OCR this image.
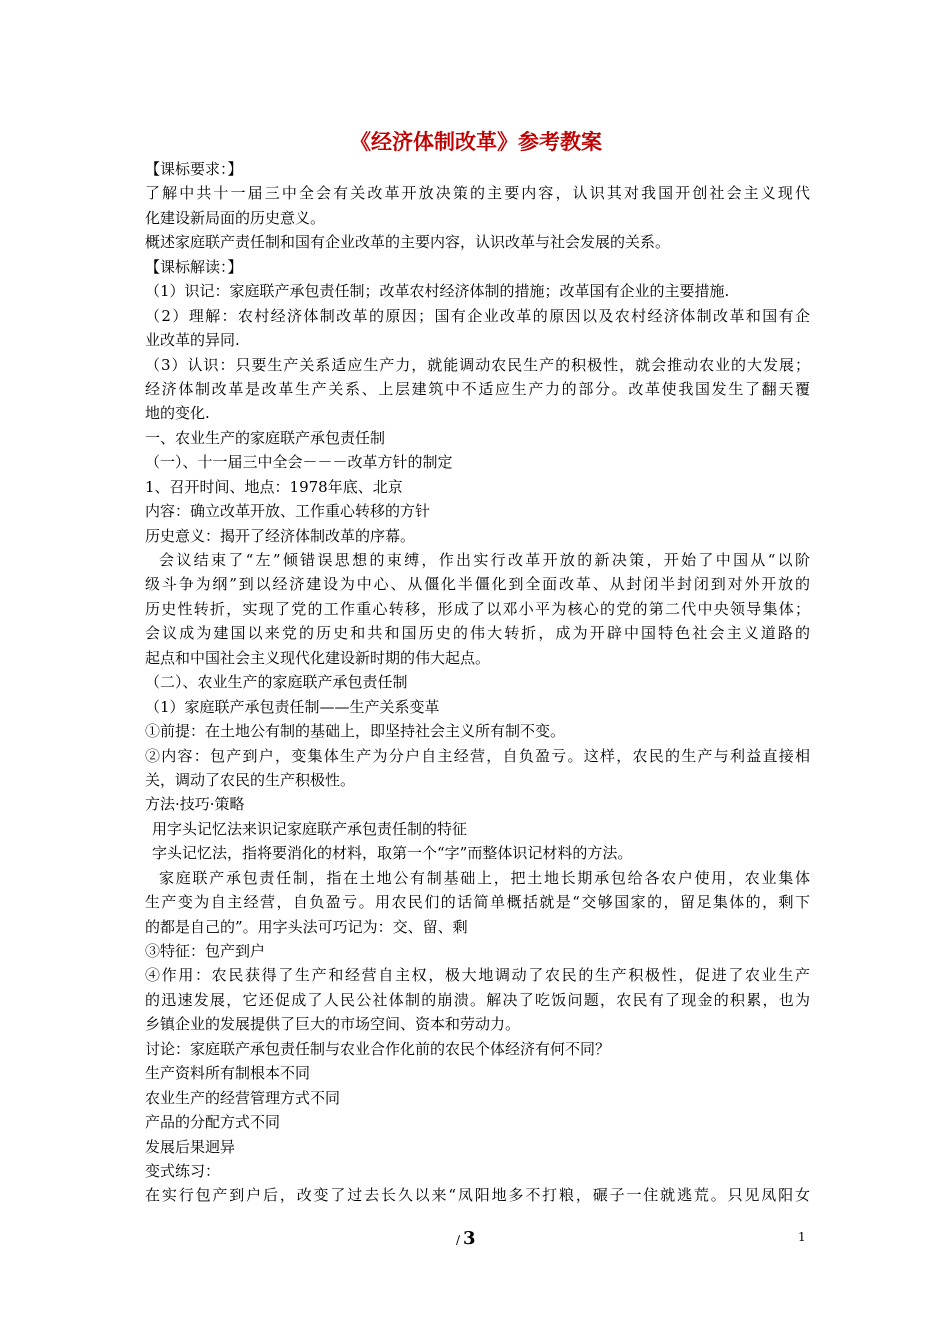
《经济体制改革》参考教案
【课标要求：】
了解中共十一届三中全会有关改革开放决策的主要内容，认识其对我国开创社会主义现代
化建设新局面的历史意义。
概述家庭联产责任制和国有企业改革的主要内容，认识改革与社会发展的关系。
【课标解读：】
（1）识记：家庭联产承包责任制；改革农村经济体制的措施；改革国有企业的主要措施.
（2）理解：农村经济体制改革的原因；国有企业改革的原因以及农村经济体制改革和国有企
业改革的异同.
（3）认识：只要生产关系适应生产力，就能调动农民生产的积极性，就会推动农业的大发展；
经济体制改革是改革生产关系、上层建筑中不适应生产力的部分。改革使我国发生了翻天覆
地的变化.
一、农业生产的家庭联产承包责任制
（一）、十一届三中全会－－－改革方针的制定
1、召开时间、地点：1978年底、北京
内容：确立改革开放、工作重心转移的方针
历史意义：揭开了经济体制改革的序幕。
会议结束了“左”倾错误思想的束缚，作出实行改革开放的新决策，开始了中国从“以阶
级斗争为纲”到以经济建设为中心、从僵化半僵化到全面改革、从封闭半封闭到对外开放的
历史性转折，实现了党的工作重心转移，形成了以邓小平为核心的党的第二代中央领导集体；
会议成为建国以来党的历史和共和国历史的伟大转折，成为开辟中国特色社会主义道路的
起点和中国社会主义现代化建设新时期的伟大起点。
（二）、农业生产的家庭联产承包责任制
（1）家庭联产承包责任制——生产关系变革
①前提：在土地公有制的基础上，即坚持社会主义所有制不变。
②内容：包产到户，变集体生产为分户自主经营，自负盈亏。这样，农民的生产与利益直接相
关，调动了农民的生产积极性。
方法·技巧·策略
用字头记忆法来识记家庭联产承包责任制的特征
字头记忆法，指将要消化的材料，取第一个“字”而整体识记材料的方法。
家庭联产承包责任制，指在土地公有制基础上，把土地长期承包给各农户使用，农业集体
生产变为自主经营，自负盈亏。用农民们的话简单概括就是“交够国家的，留足集体的，剩下
的都是自己的”。用字头法可巧记为：交、留、剩
③特征：包产到户
④作用：农民获得了生产和经营自主权，极大地调动了农民的生产积极性，促进了农业生产
的迅速发展，它还促成了人民公社体制的崩溃。解决了吃饭问题，农民有了现金的积累，也为
乡镇企业的发展提供了巨大的市场空间、资本和劳动力。
讨论：家庭联产承包责任制与农业合作化前的农民个体经济有何不同？
生产资料所有制根本不同
农业生产的经营管理方式不同
产品的分配方式不同
发展后果迥异
变式练习：
在实行包产到户后，改变了过去长久以来“凤阳地多不打粮，碾子一住就逃荒。只见凤阳女
/ 3	1
